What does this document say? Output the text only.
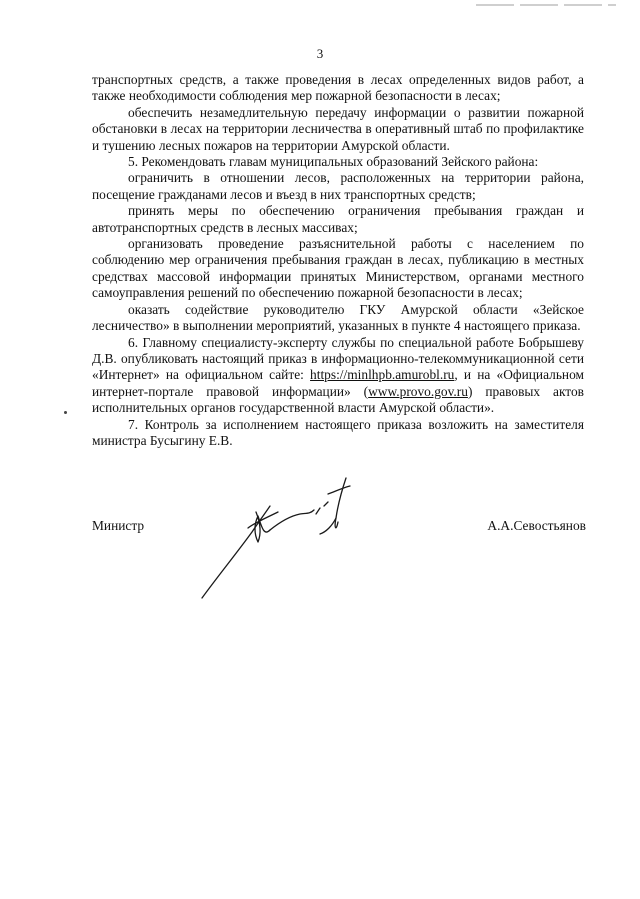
3

транспортных средств, а также проведения в лесах определенных видов работ, а также необходимости соблюдения мер пожарной безопасности в лесах;

обеспечить незамедлительную передачу информации о развитии пожарной обстановки в лесах на территории лесничества в оперативный штаб по профилактике и тушению лесных пожаров на территории Амурской области.

5. Рекомендовать главам муниципальных образований Зейского района:

ограничить в отношении лесов, расположенных на территории района, посещение гражданами лесов и въезд в них транспортных средств;

принять меры по обеспечению ограничения пребывания граждан и автотранспортных средств в лесных массивах;

организовать проведение разъяснительной работы с населением по соблюдению мер ограничения пребывания граждан в лесах, публикацию в местных средствах массовой информации принятых Министерством, органами местного самоуправления решений по обеспечению пожарной безопасности в лесах;

оказать содействие руководителю ГКУ Амурской области «Зейское лесничество» в выполнении мероприятий, указанных в пункте 4 настоящего приказа.

6. Главному специалисту-эксперту службы по специальной работе Бобрышеву Д.В. опубликовать настоящий приказ в информационно-телекоммуникационной сети «Интернет» на официальном сайте: https://minlhpb.amurobl.ru, и на «Официальном интернет-портале правовой информации» (www.provo.gov.ru) правовых актов исполнительных органов государственной власти Амурской области».

7. Контроль за исполнением настоящего приказа возложить на заместителя министра Бусыгину Е.В.

Министр	А.А.Севостьянов
